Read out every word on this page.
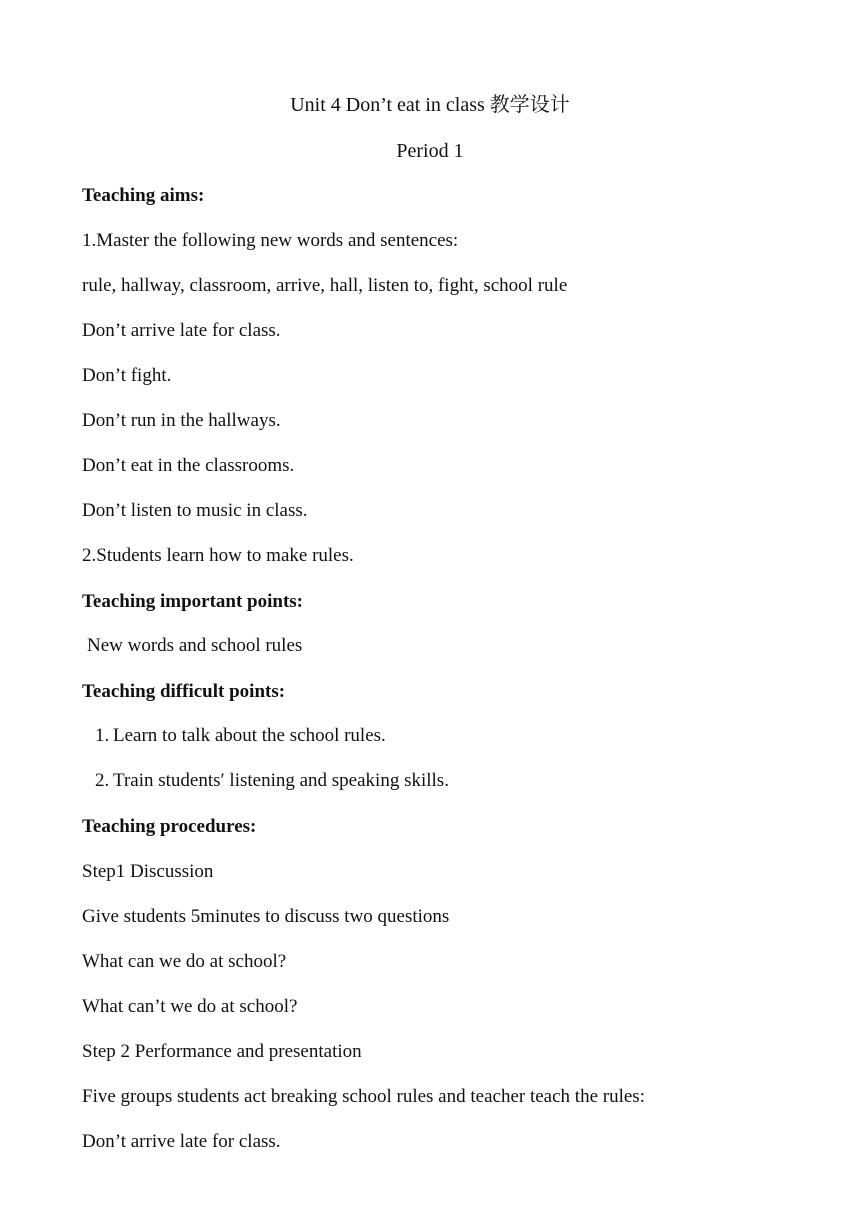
Unit 4 Don’t eat in class 教学设计
Period 1
Teaching aims:
1.Master the following new words and sentences:
rule, hallway, classroom, arrive, hall, listen to, fight, school rule
Don’t arrive late for class.
Don’t fight.
Don’t run in the hallways.
Don’t eat in the classrooms.
Don’t listen to music in class.
2.Students learn how to make rules.
Teaching important points:
New words and school rules
Teaching difficult points:
1. Learn to talk about the school rules.
2. Train students′ listening and speaking skills.
Teaching procedures:
Step1 Discussion
Give students 5minutes to discuss two questions
What can we do at school?
What can’t we do at school?
Step 2 Performance and presentation
Five groups students act breaking school rules and teacher teach the rules:
Don’t arrive late for class.
